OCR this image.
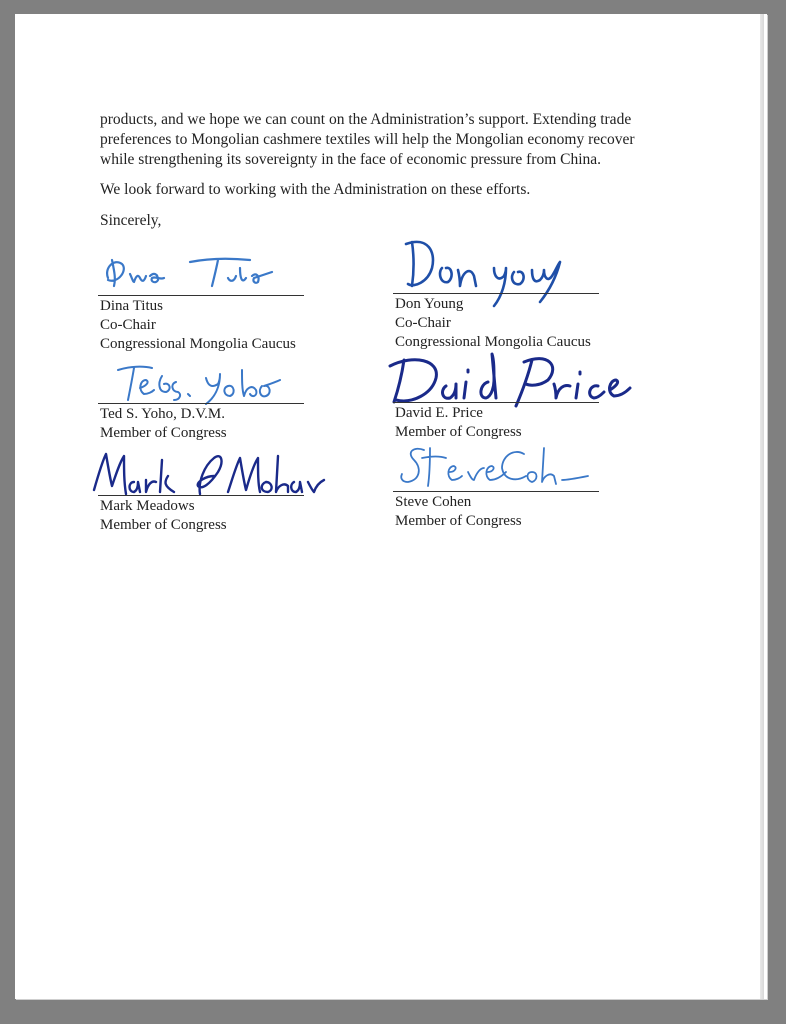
products, and we hope we can count on the Administration’s support. Extending trade preferences to Mongolian cashmere textiles will help the Mongolian economy recover while strengthening its sovereignty in the face of economic pressure from China.

We look forward to working with the Administration on these efforts.

Sincerely,

Dina Titus
Co-Chair
Congressional Mongolia Caucus
Don Young
Co-Chair
Congressional Mongolia Caucus
Ted S. Yoho, D.V.M.
Member of Congress
David E. Price
Member of Congress
Mark Meadows
Member of Congress
Steve Cohen
Member of Congress
